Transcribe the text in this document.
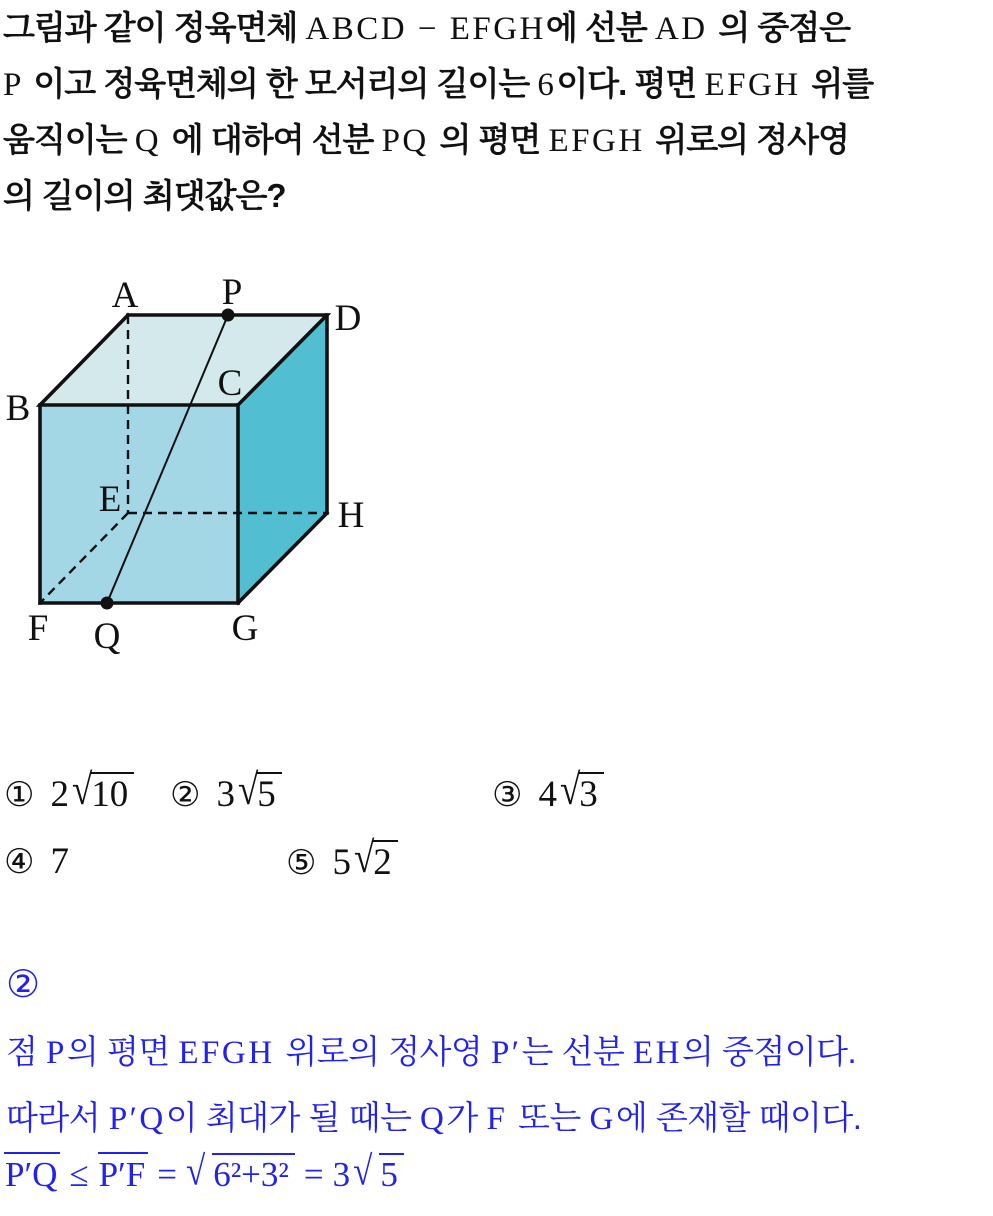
그림과 같이 정육면체 ABCD − EFGH에 선분 AD 의 중점은
P 이고 정육면체의 한 모서리의 길이는 6이다. 평면 EFGH 위를
움직이는 Q 에 대하여 선분 PQ 의 평면 EFGH 위로의 정사영
의 길이의 최댓값은?
A P
D
B
C
E	H
F Q	G
① 2√10 ② 3√5	③ 4√3
④ 7	⑤ 5√2
②
점 P의 평면 EFGH 위로의 정사영 P′는 선분 EH의 중점이다.
따라서 P′Q이 최대가 될 때는 Q가 F 또는 G에 존재할 때이다.
P′Q ≤ P′F = √ 6²+3² = 3√ 5
